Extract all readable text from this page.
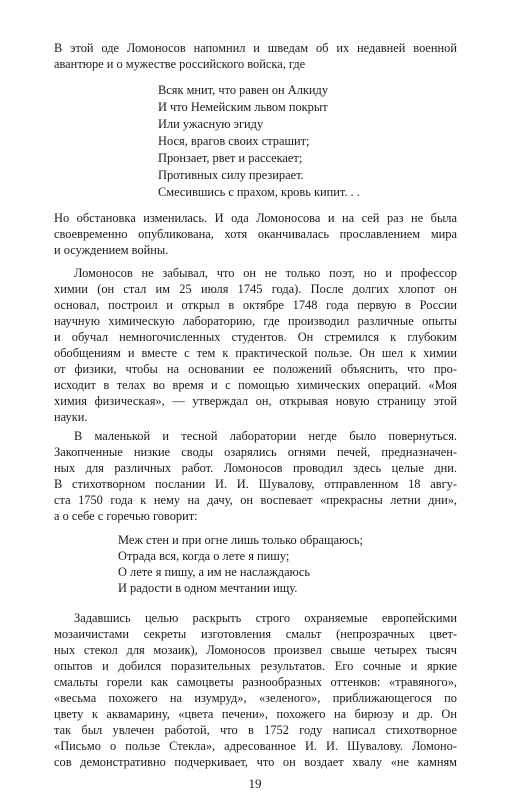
В этой оде Ломоносов напомнил и шведам об их недавней военной
авантюре и о мужестве российского войска, где
Всяк мнит, что равен он Алкиду
И что Немейским львом покрыт
Или ужасную эгиду
Нося, врагов своих страшит;
Пронзает, рвет и рассекает;
Противных силу презирает.
Смесившись с прахом, кровь кипит. . .
Но обстановка изменилась. И ода Ломоносова и на сей раз не была
своевременно опубликована, хотя оканчивалась прославлением мира
и осуждением войны.
Ломоносов не забывал, что он не только поэт, но и профессор
химии (он стал им 25 июля 1745 года). После долгих хлопот он
основал, построил и открыл в октябре 1748 года первую в России
научную химическую лабораторию, где производил различные опыты
и обучал немногочисленных студентов. Он стремился к глубоким
обобщениям и вместе с тем к практической пользе. Он шел к химии
от физики, чтобы на основании ее положений объяснить, что про-
исходит в телах во время и с помощью химических операций. «Моя
химия физическая», — утверждал он, открывая новую страницу этой
науки.
В маленькой и тесной лаборатории негде было повернуться.
Закопченные низкие своды озарялись огнями печей, предназначен-
ных для различных работ. Ломоносов проводил здесь целые дни.
В стихотворном послании И. И. Шувалову, отправленном 18 авгу-
ста 1750 года к нему на дачу, он воспевает «прекрасны летни дни»,
а о себе с горечью говорит:
Меж стен и при огне лишь только обращаюсь;
Отрада вся, когда о лете я пишу;
О лете я пишу, а им не наслаждаюсь
И радости в одном мечтании ищу.
Задавшись целью раскрыть строго охраняемые европейскими
мозаичистами секреты изготовления смальт (непрозрачных цвет-
ных стекол для мозаик), Ломоносов произвел свыше четырех тысяч
опытов и добился поразительных результатов. Его сочные и яркие
смальты горели как самоцветы разнообразных оттенков: «травяного»,
«весьма похожего на изумруд», «зеленого», приближающегося по
цвету к аквамарину, «цвета печени», похожего на бирюзу и др. Он
так был увлечен работой, что в 1752 году написал стихотворное
«Письмо о пользе Стекла», адресованное И. И. Шувалову. Ломоно-
сов демонстративно подчеркивает, что он воздает хвалу «не камням
19
